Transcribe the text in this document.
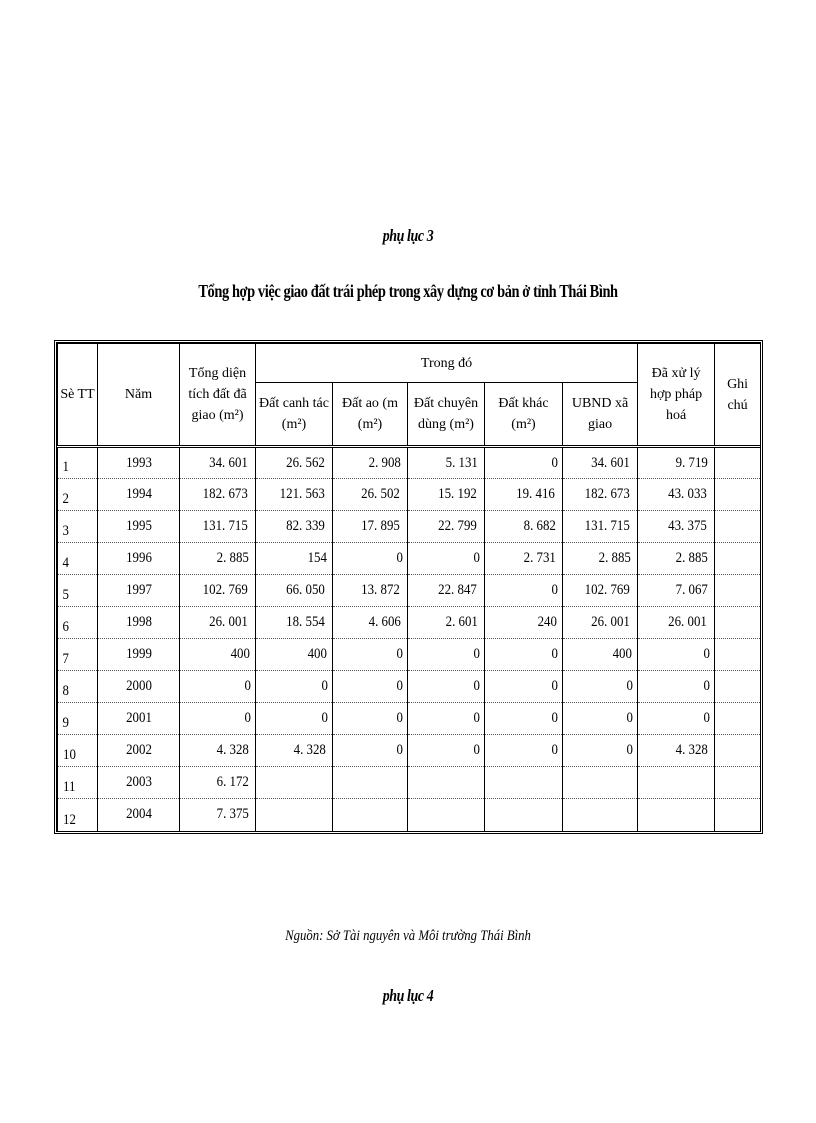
phụ lục 3
Tổng hợp việc giao đất trái phép trong xây dựng cơ bản ở tỉnh Thái Bình
Sè TT	Năm	Tổng diện tích đất đã giao (m²)	Trong đó					Đã xử lý hợp pháp hoá	Ghi chú
			Đất canh tác (m²)	Đất ao (m (m²)	Đất chuyên dùng (m²)	Đất khác (m²)	UBND xã giao		
1	1993	34. 601	26. 562	2. 908	5. 131	0	34. 601	9. 719	
2	1994	182. 673	121. 563	26. 502	15. 192	19. 416	182. 673	43. 033	
3	1995	131. 715	82. 339	17. 895	22. 799	8. 682	131. 715	43. 375	
4	1996	2. 885	154	0	0	2. 731	2. 885	2. 885	
5	1997	102. 769	66. 050	13. 872	22. 847	0	102. 769	7. 067	
6	1998	26. 001	18. 554	4. 606	2. 601	240	26. 001	26. 001	
7	1999	400	400	0	0	0	400	0	
8	2000	0	0	0	0	0	0	0	
9	2001	0	0	0	0	0	0	0	
10	2002	4. 328	4. 328	0	0	0	0	4. 328	
11	2003	6. 172							
12	2004	7. 375							
Nguồn: Sở Tài nguyên và Môi trường Thái Bình
phụ lục 4
